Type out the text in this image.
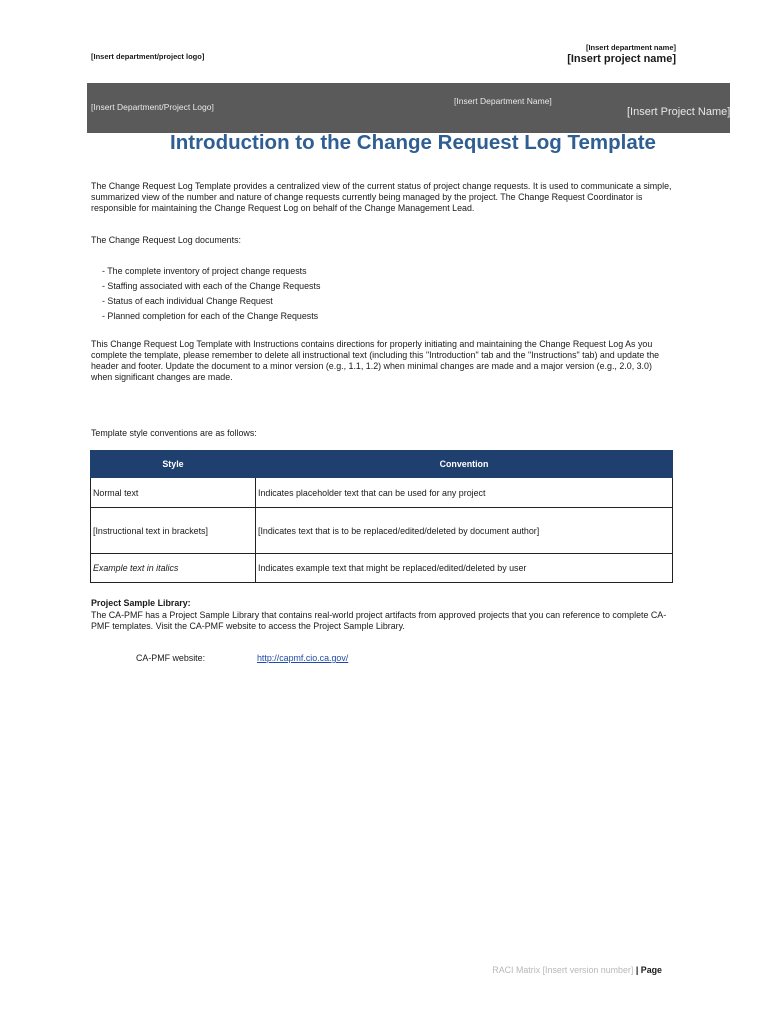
[Insert department/project logo]
[Insert department name]
[Insert project name]
[Insert Department/Project Logo]
[Insert Department Name]
[Insert Project Name]
Introduction to the Change Request Log Template
The Change Request Log Template provides a centralized view of the current status of project change requests. It is used to communicate a simple, summarized view of the number and nature of change requests currently being managed by the project. The Change Request Coordinator is responsible for maintaining the Change Request Log on behalf of the Change Management Lead.
The Change Request Log documents:
- The complete inventory of project change requests
- Staffing associated with each of the Change Requests
- Status of each individual Change Request
- Planned completion for each of the Change Requests
This Change Request Log Template with Instructions contains directions for properly initiating and maintaining the Change Request Log As you complete the template, please remember to delete all instructional text (including this "Introduction" tab and the "Instructions" tab) and update the header and footer. Update the document to a minor version (e.g., 1.1, 1.2) when minimal changes are made and a major version (e.g., 2.0, 3.0) when significant changes are made.
Template style conventions are as follows:
Style	Convention
Normal text	Indicates placeholder text that can be used for any project
[Instructional text in brackets]	[Indicates text that is to be replaced/edited/deleted by document author]
Example text in italics	Indicates example text that might be replaced/edited/deleted by user
Project Sample Library:
The CA-PMF has a Project Sample Library that contains real-world project artifacts from approved projects that you can reference to complete CA-PMF templates. Visit the CA-PMF website to access the Project Sample Library.
CA-PMF website:	http://capmf.cio.ca.gov/
RACI Matrix [Insert version number] | Page
